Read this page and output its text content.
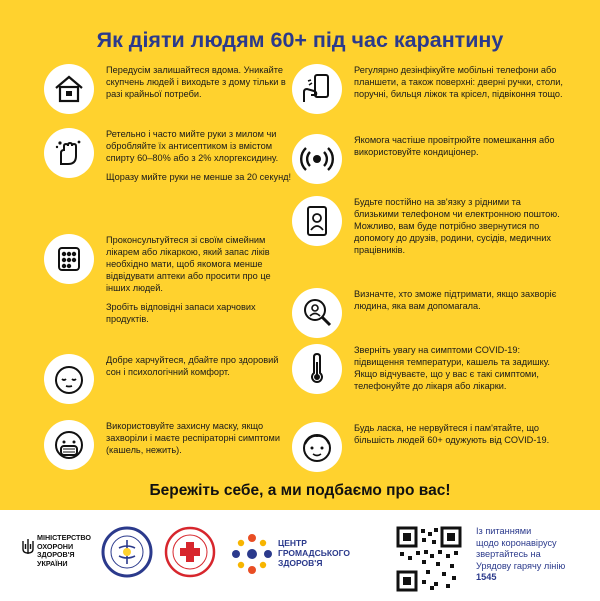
Як діяти людям 60+ під час карантину

Передусім залишайтеся вдома. Уникайте скупчень людей і виходьте з дому тільки в разі крайньої потреби.

Ретельно і часто мийте руки з милом чи обробляйте їх антисептиком із вмістом спирту 60–80% або з 2% хлоргексидину.

Щоразу мийте руки не менше за 20 секунд!

Проконсультуйтеся зі своїм сімейним лікарем або лікаркою, який запас ліків необхідно мати, щоб якомога менше відвідувати аптеки або просити про це інших людей.

Зробіть відповідні запаси харчових продуктів.

Добре харчуйтеся, дбайте про здоровий сон і психологічний комфорт.

Використовуйте захисну маску, якщо захворіли і маєте респіраторні симптоми (кашель, нежить).

Регулярно дезінфікуйте мобільні телефони або планшети, а також поверхні: дверні ручки, столи, поручні, бильця ліжок та крісел, підвіконня тощо.

Якомога частіше провітрюйте помешкання або використовуйте кондиціонер.

Будьте постійно на зв'язку з рідними та близькими телефоном чи електронною поштою. Можливо, вам буде потрібно звернутися по допомогу до друзів, родини, сусідів, медичних працівників.

Визначте, хто зможе підтримати, якщо захворіє людина, яка вам допомагала.

Зверніть увагу на симптоми COVID-19: підвищення температури, кашель та задишку. Якщо відчуваєте, що у вас є такі симптоми, телефонуйте до лікаря або лікарки.

Будь ласка, не нервуйтеся і пам'ятайте, що більшість людей 60+ одужують від COVID-19.

Бережіть себе, а ми подбаємо про вас!
МІНІСТЕРСТВО
ОХОРОНИ
ЗДОРОВ'Я
УКРАЇНИ
ЦЕНТР
ГРОМАДСЬКОГО
ЗДОРОВ'Я
Із питаннями
щодо коронавірусу
звертайтесь на
Урядову гарячу лінію
1545
